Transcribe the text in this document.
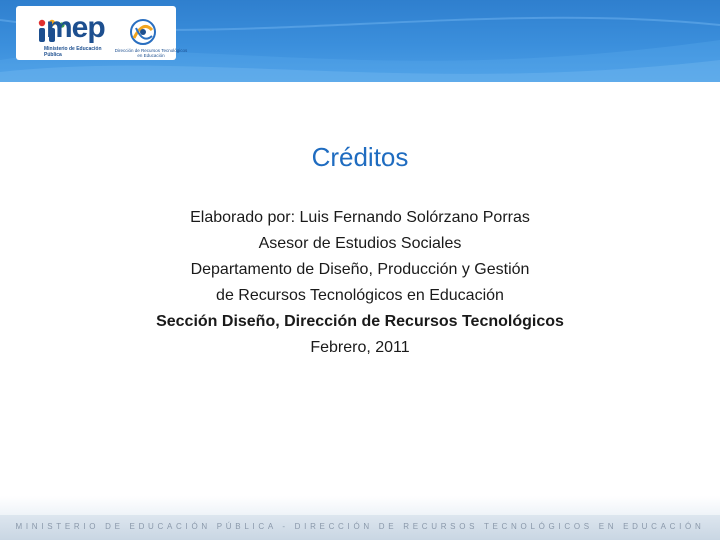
mep
Ministerio de Educación Pública
Dirección de Recursos Tecnológicos en Educación
Créditos
Elaborado por: Luis Fernando Solórzano Porras
Asesor de Estudios Sociales
Departamento de Diseño, Producción y Gestión
de Recursos Tecnológicos en Educación
Sección Diseño, Dirección de Recursos Tecnológicos
Febrero, 2011
MINISTERIO DE EDUCACIÓN PÚBLICA - DIRECCIÓN DE RECURSOS TECNOLÓGICOS EN EDUCACIÓN
